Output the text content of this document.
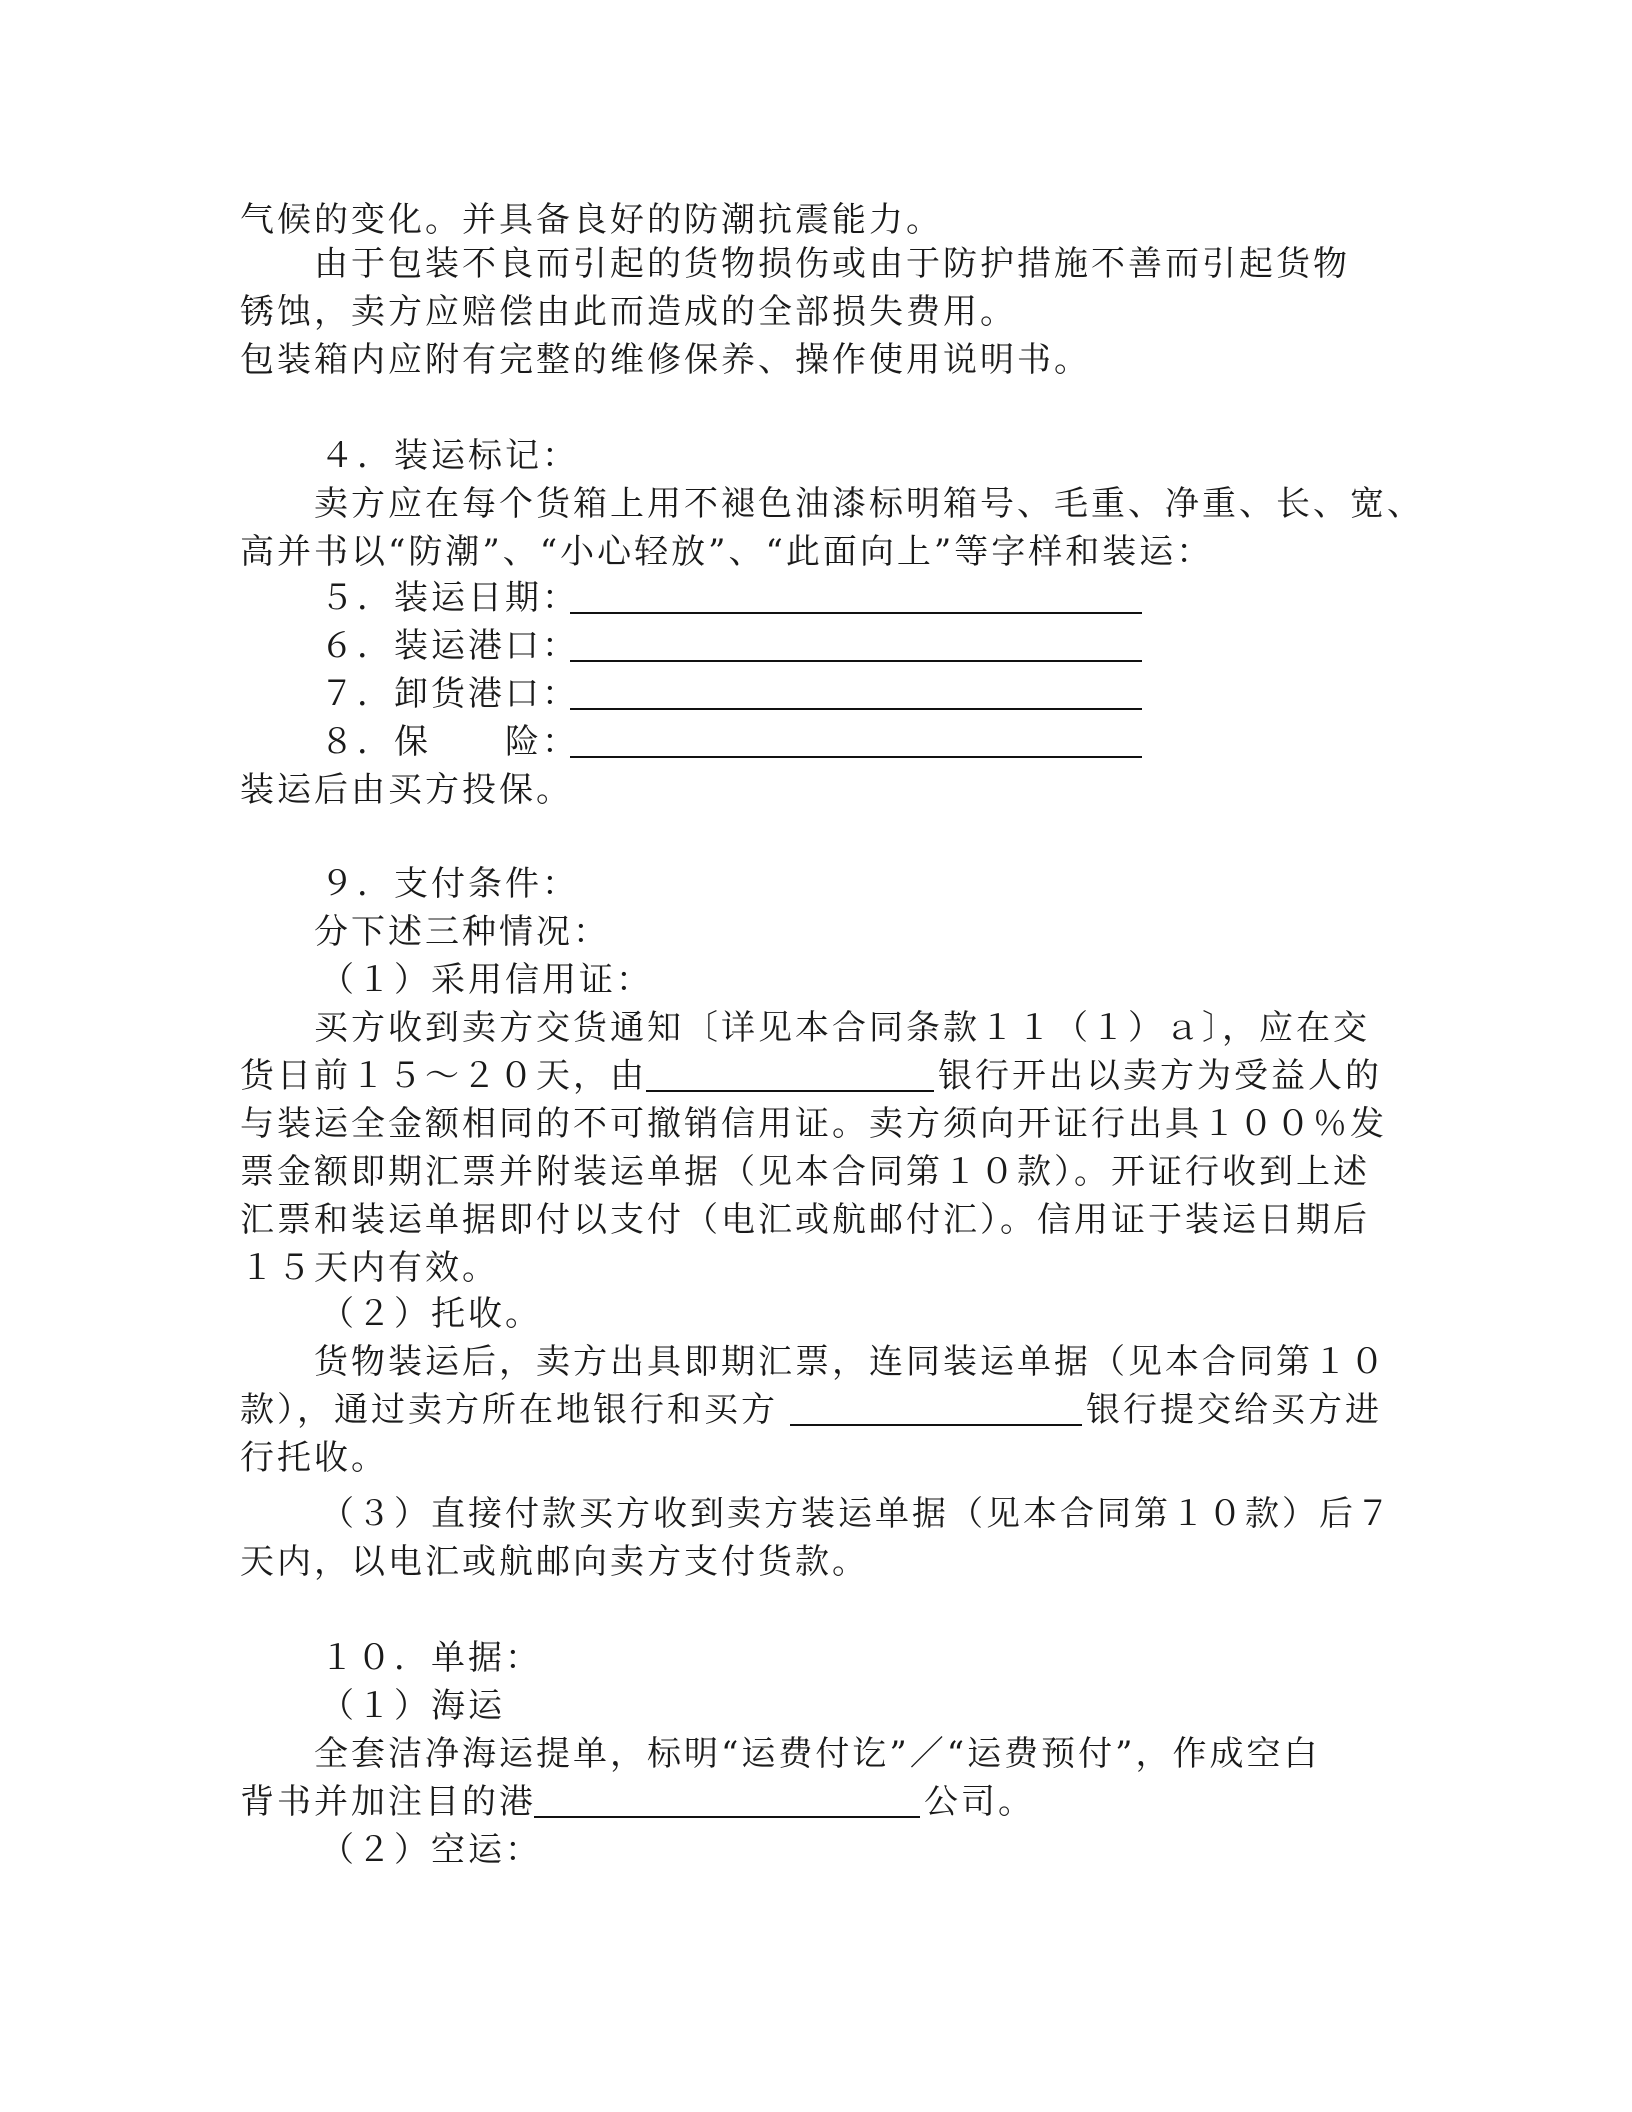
气候的变化。并具备良好的防潮抗震能力。
由于包装不良而引起的货物损伤或由于防护措施不善而引起货物
锈蚀，卖方应赔偿由此而造成的全部损失费用。
包装箱内应附有完整的维修保养、操作使用说明书。
４．装运标记：
卖方应在每个货箱上用不褪色油漆标明箱号、毛重、净重、长、宽、
高并书以“防潮”、“小心轻放”、“此面向上”等字样和装运：
５．装运日期：
６．装运港口：
７．卸货港口：
８．保　　险：
装运后由买方投保。
９．支付条件：
分下述三种情况：
（１）采用信用证：
买方收到卖方交货通知〔详见本合同条款１１（１）ａ〕，应在交
货日前１５～２０天，由	银行开出以卖方为受益人的
与装运全金额相同的不可撤销信用证。卖方须向开证行出具１００％发
票金额即期汇票并附装运单据（见本合同第１０款）。开证行收到上述
汇票和装运单据即付以支付（电汇或航邮付汇）。信用证于装运日期后
１５天内有效。
（２）托收。
货物装运后，卖方出具即期汇票，连同装运单据（见本合同第１０
款），通过卖方所在地银行和买方	银行提交给买方进
行托收。
（３）直接付款买方收到卖方装运单据（见本合同第１０款）后７
天内，以电汇或航邮向卖方支付货款。
１０．单据：
（１）海运
全套洁净海运提单，标明“运费付讫”／“运费预付”，作成空白
背书并加注目的港	公司。
（２）空运：
